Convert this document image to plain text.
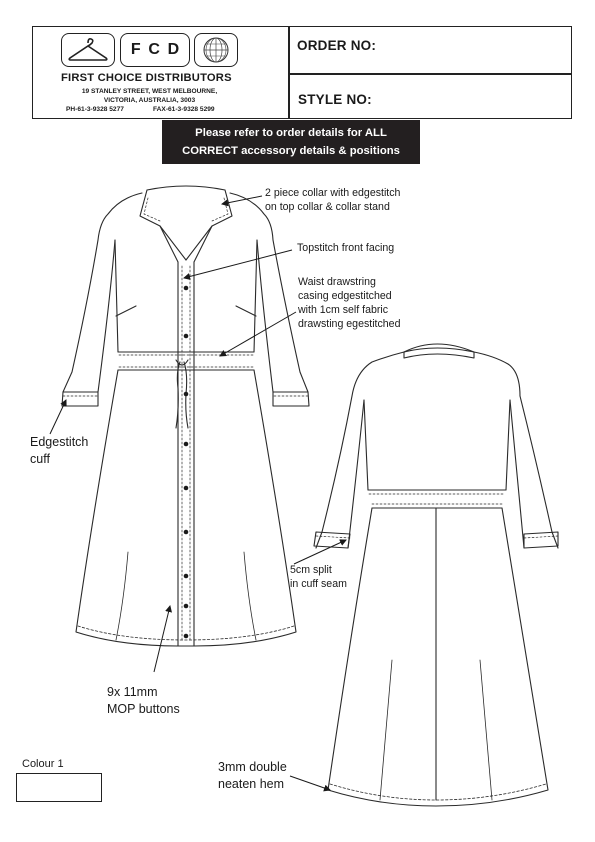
F C D
FIRST CHOICE DISTRIBUTORS
19 STANLEY STREET, WEST MELBOURNE,
VICTORIA, AUSTRALIA, 3003
PH-61-3-9328 5277	FAX-61-3-9328 5299
ORDER NO:
STYLE NO:
Please refer to order details for ALL
CORRECT accessory details & positions
2 piece collar with edgestitch
on top collar & collar stand
Topstitch front facing
Waist drawstring
casing edgestitched
with 1cm self fabric
drawsting egestitched
Edgestitch
cuff
5cm split
in cuff seam
9x 11mm
MOP buttons
3mm double
neaten hem
Colour 1
